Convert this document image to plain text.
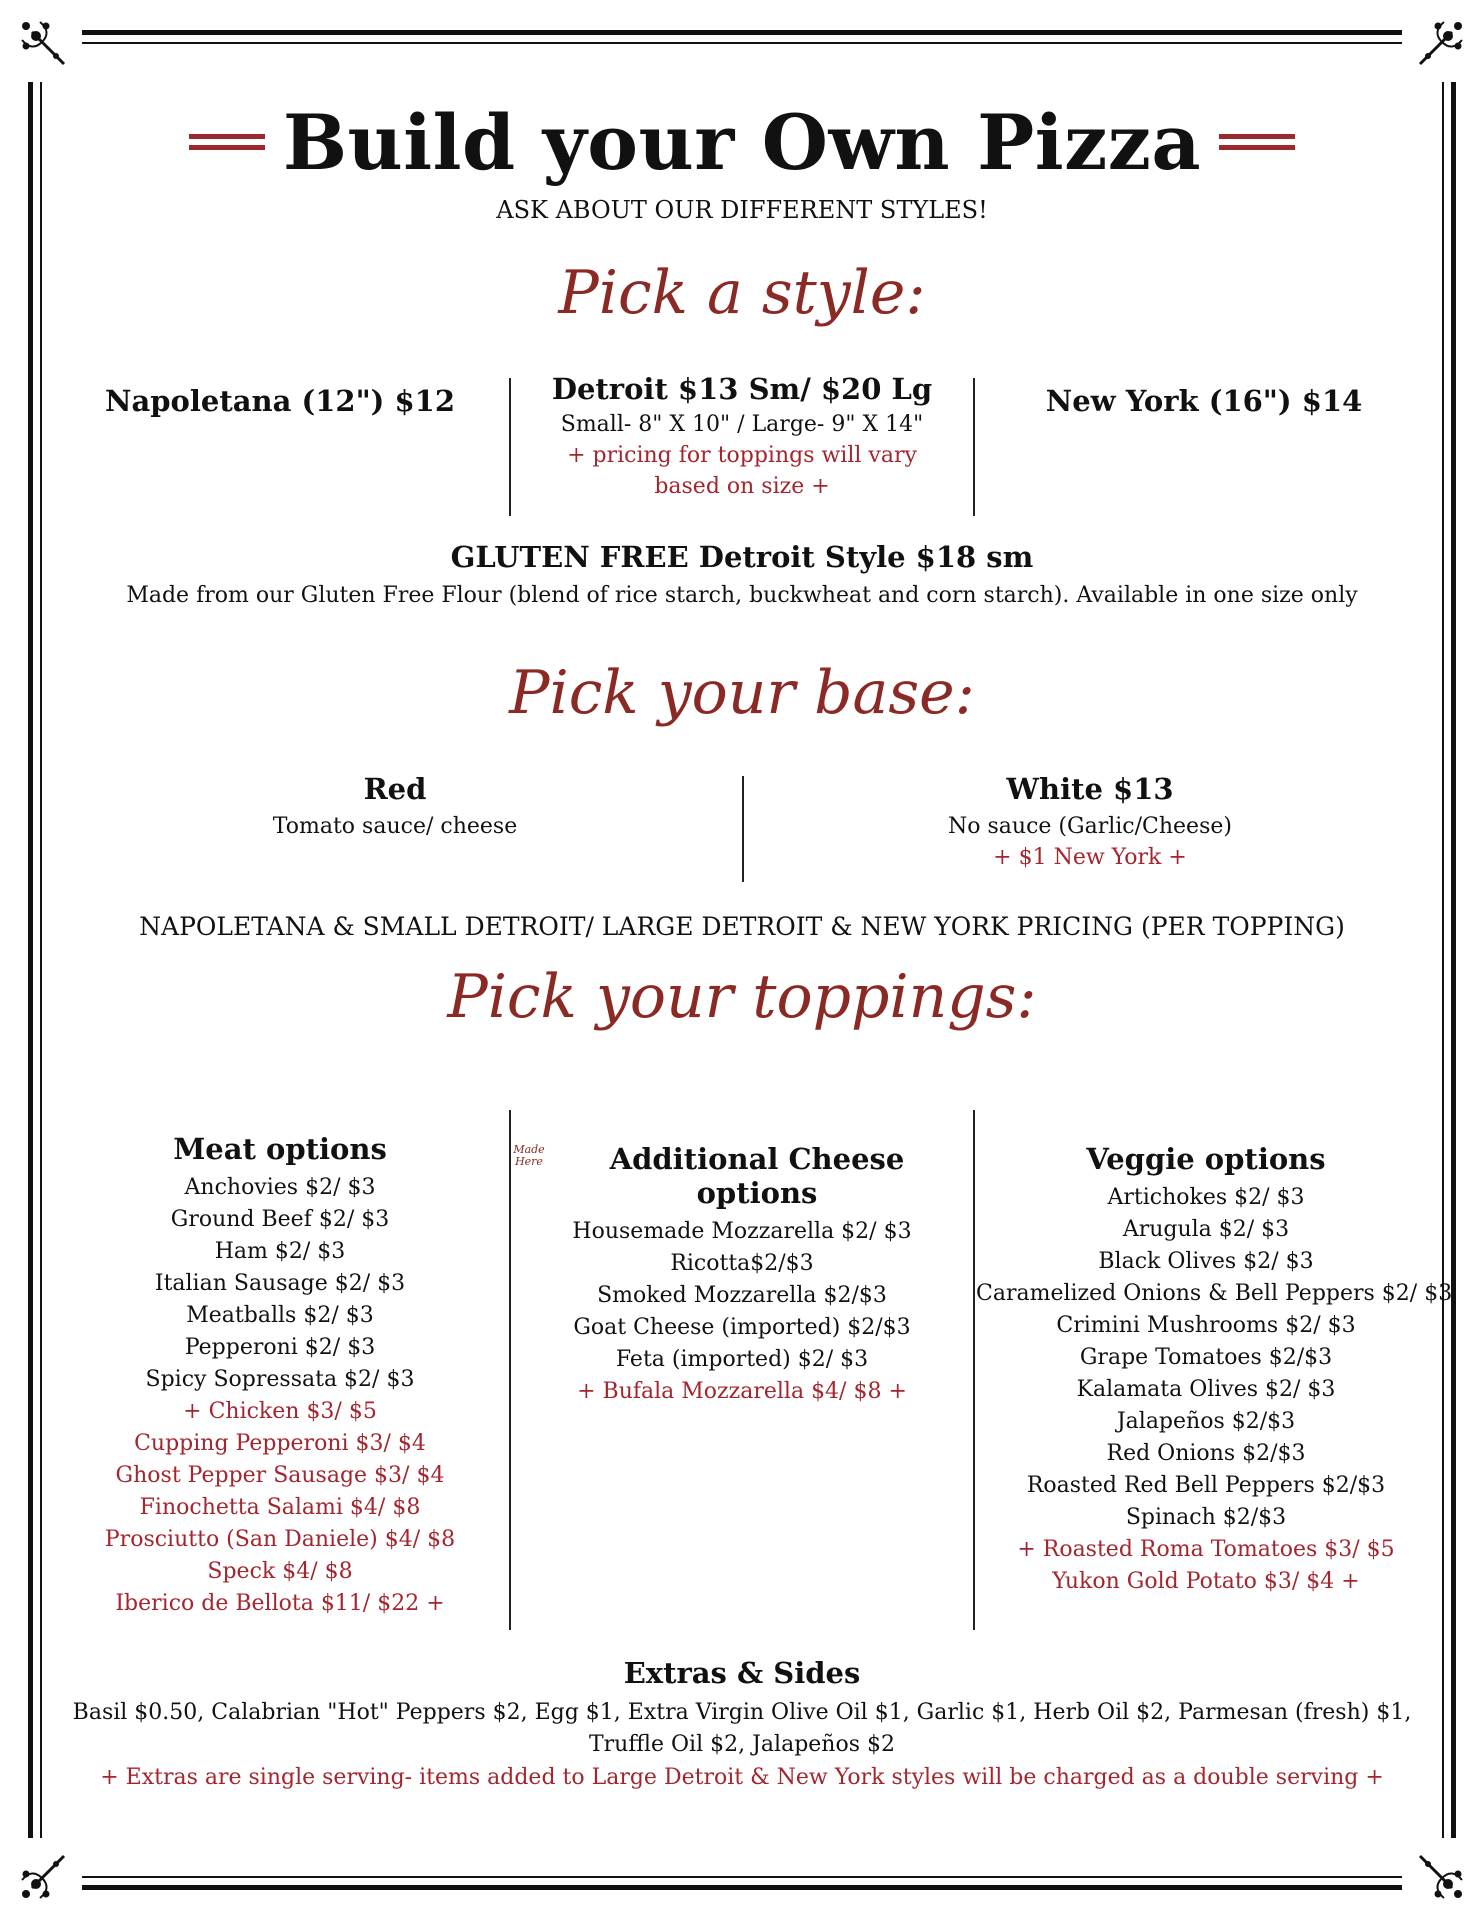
Build your Own Pizza
ASK ABOUT OUR DIFFERENT STYLES!
Pick a style:
Napoletana (12") $12	Detroit $13 Sm/ $20 Lg
Small- 8" X 10" / Large- 9" X 14"
+ pricing for toppings will vary
based on size +
New York (16") $14
GLUTEN FREE Detroit Style $18 sm
Made from our Gluten Free Flour (blend of rice starch, buckwheat and corn starch). Available in one size only
Pick your base:
Red
Tomato sauce/ cheese
White $13
No sauce (Garlic/Cheese)
+ $1 New York +
NAPOLETANA & SMALL DETROIT/ LARGE DETROIT & NEW YORK PRICING (PER TOPPING)
Pick your toppings:
Meat options
Anchovies $2/ $3
Ground Beef $2/ $3
Ham $2/ $3
Italian Sausage $2/ $3
Meatballs $2/ $3
Pepperoni $2/ $3
Spicy Sopressata $2/ $3
+ Chicken $3/ $5
Cupping Pepperoni $3/ $4
Ghost Pepper Sausage $3/ $4
Finochetta Salami $4/ $8
Prosciutto (San Daniele) $4/ $8
Speck $4/ $8
Iberico de Bellota $11/ $22 +
Made
Here	Additional Cheese options
Housemade Mozzarella $2/ $3
Ricotta$2/$3
Smoked Mozzarella $2/$3
Goat Cheese (imported) $2/$3
Feta (imported) $2/ $3
+ Bufala Mozzarella $4/ $8 +
Veggie options
Artichokes $2/ $3
Arugula $2/ $3
Black Olives $2/ $3
Caramelized Onions & Bell Peppers $2/ $3
Crimini Mushrooms $2/ $3
Grape Tomatoes $2/$3
Kalamata Olives $2/ $3
Jalapeños $2/$3
Red Onions $2/$3
Roasted Red Bell Peppers $2/$3
Spinach $2/$3
+ Roasted Roma Tomatoes $3/ $5
Yukon Gold Potato $3/ $4 +
Extras & Sides
Basil $0.50, Calabrian "Hot" Peppers $2, Egg $1, Extra Virgin Olive Oil $1, Garlic $1, Herb Oil $2, Parmesan (fresh) $1,
Truffle Oil $2, Jalapeños $2
+ Extras are single serving- items added to Large Detroit & New York styles will be charged as a double serving +
